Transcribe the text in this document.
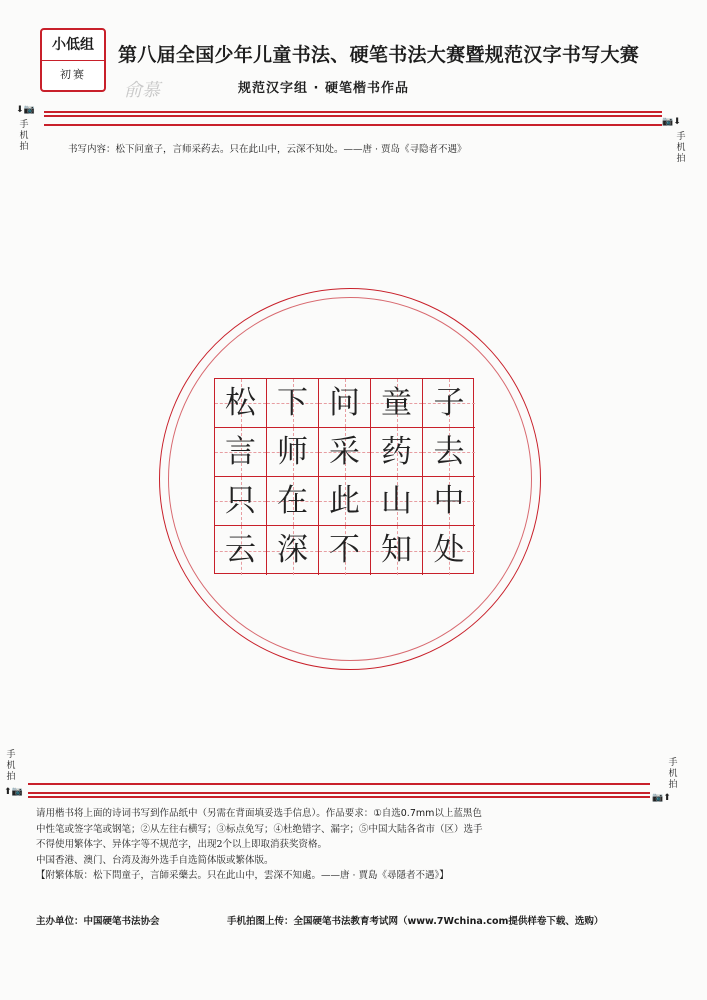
小低组
初赛
第八届全国少年儿童书法、硬笔书法大赛暨规范汉字书写大赛
俞慕	规范汉字组 · 硬笔楷书作品
⬇📷
手机拍
📷⬇
手机拍
书写内容：松下问童子，言师采药去。只在此山中，云深不知处。——唐 · 贾岛《寻隐者不遇》
松 下 问 童 子
言 师 采 药 去
只 在 此 山 中
云 深 不 知 处
手机拍
⬆📷
手机拍
📷⬆

请用楷书将上面的诗词书写到作品纸中（另需在背面填妥选手信息）。作品要求：①自选0.7mm以上蓝黑色

中性笔或签字笔或钢笔；②从左往右横写；③标点免写；④杜绝错字、漏字；⑤中国大陆各省市（区）选手

不得使用繁体字、异体字等不规范字，出现2个以上即取消获奖资格。

中国香港、澳门、台湾及海外选手自选简体版或繁体版。

【附繁体版：松下問童子，言師采藥去。只在此山中，雲深不知處。——唐 · 賈島《尋隱者不遇》】

主办单位：中国硬笔书法协会	手机拍图上传：全国硬笔书法教育考试网（www.7Wchina.com提供样卷下载、选购）
